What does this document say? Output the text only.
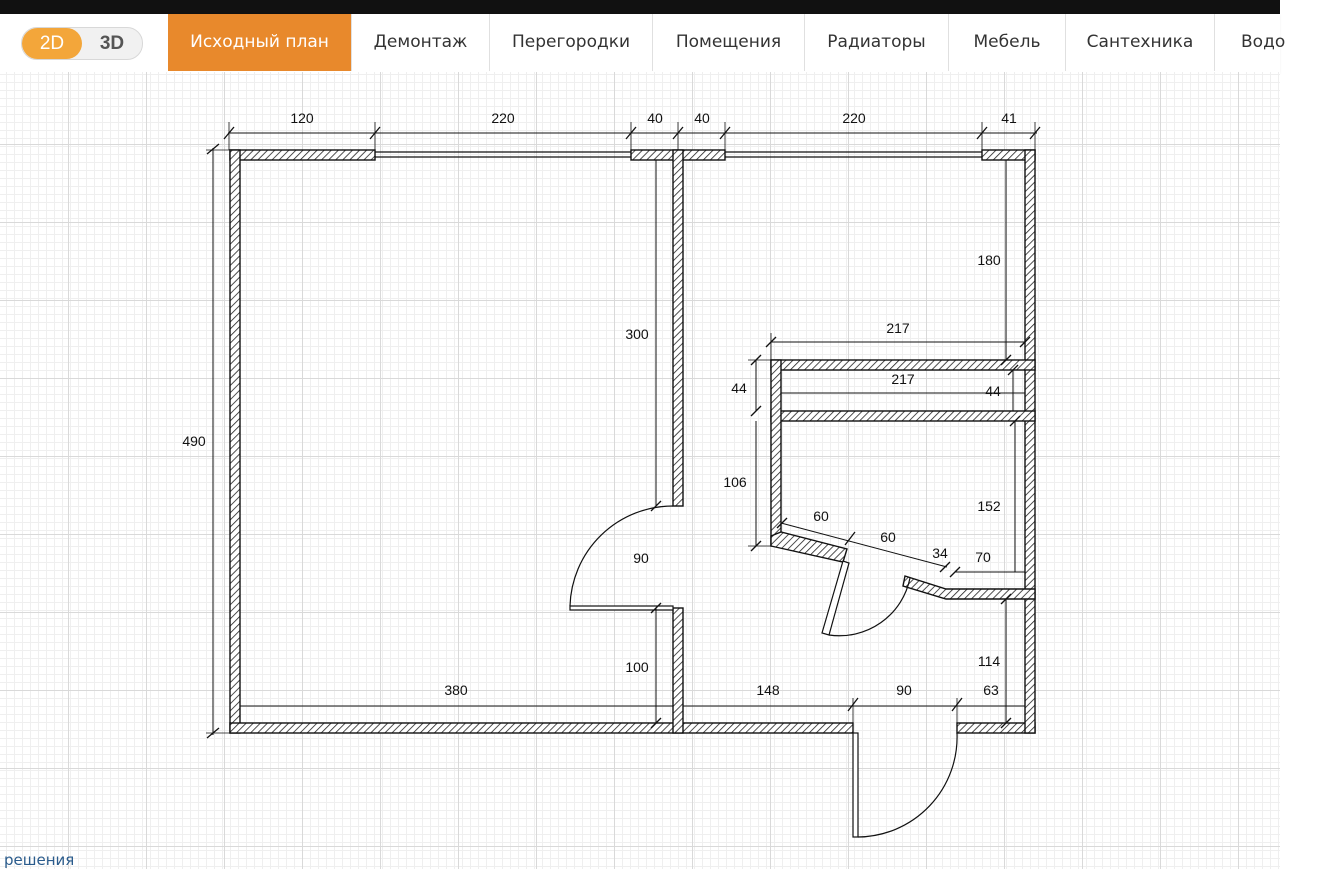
2D	3D	Исходный план	Демонтаж	Перегородки	Помещения	Радиаторы	Мебель	Сантехника	Водо
120	220	40 40	220	41
490
300
90
100
380
180
217
217
44	44
106
152
60
60
34 70
114
148	90	63
решения
